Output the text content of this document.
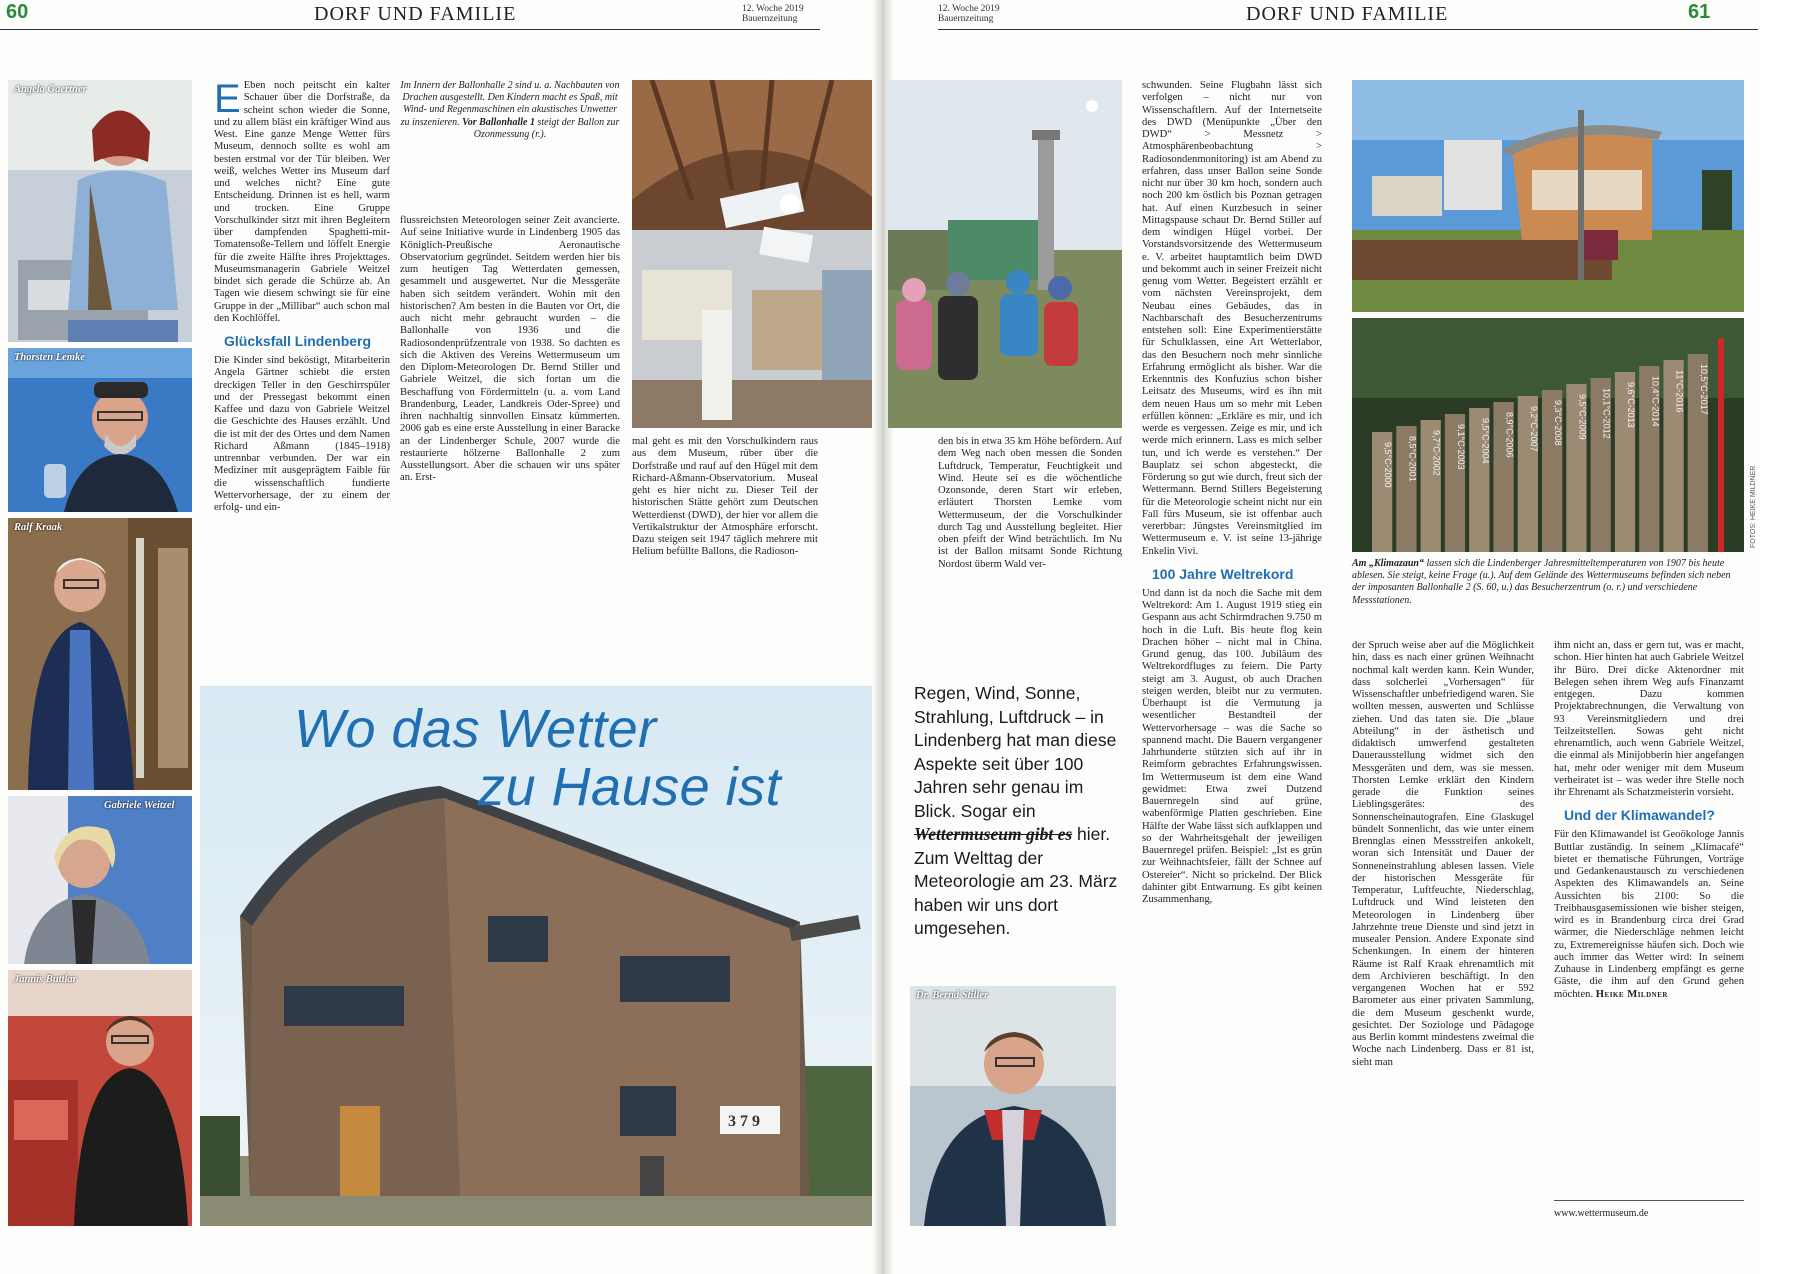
60	DORF UND FAMILIE	12. Woche 2019
Bauernzeitung
Angela Gaertner
Thorsten Lemke
Ralf Kraak
Gabriele Weitzel
Jannis Buttlar

E Eben noch peitscht ein kalter Schauer über die Dorfstraße, da scheint schon wieder die Sonne, und zu allem bläst ein kräftiger Wind aus West. Eine ganze Menge Wetter fürs Museum, dennoch sollte es wohl am besten erstmal vor der Tür bleiben. Wer weiß, welches Wetter ins Museum darf und welches nicht? Eine gute Entscheidung. Drinnen ist es hell, warm und trocken. Eine Gruppe Vorschulkinder sitzt mit ihren Begleitern über dampfenden Spaghetti-mit-Tomatensoße-Tellern und löffelt Energie für die zweite Hälfte ihres Projekttages. Museumsmanagerin Gabriele Weitzel bindet sich gerade die Schürze ab. An Tagen wie diesem schwingt sie für eine Gruppe in der „Millibar“ auch schon mal den Kochlöffel.

Glücksfall Lindenberg

Die Kinder sind beköstigt, Mitarbeiterin Angela Gärtner schiebt die ersten dreckigen Teller in den Geschirrspüler und der Pressegast bekommt einen Kaffee und dazu von Gabriele Weitzel die Geschichte des Hauses erzählt. Und die ist mit der des Ortes und dem Namen Richard Aßmann (1845–1918) untrennbar verbunden. Der war ein Mediziner mit ausgeprägtem Faible für die wissenschaftlich fundierte Wettervorhersage, der zu einem der erfolg- und ein-

Im Innern der Ballonhalle 2 sind u. a. Nachbauten von Drachen ausgestellt. Den Kindern macht es Spaß, mit Wind- und Regenmaschinen ein akustisches Unwetter zu inszenieren. Vor Ballonhalle 1 steigt der Ballon zur Ozonmessung (r.).

flussreichsten Meteorologen seiner Zeit avancierte. Auf seine Initiative wurde in Lindenberg 1905 das Königlich-Preußische Aeronautische Observatorium gegründet. Seitdem werden hier bis zum heutigen Tag Wetterdaten gemessen, gesammelt und ausgewertet. Nur die Messgeräte haben sich seitdem verändert. Wohin mit den historischen? Am besten in die Bauten vor Ort, die auch nicht mehr gebraucht wurden – die Ballonhalle von 1936 und die Radiosondenprüfzentrale von 1938. So dachten es sich die Aktiven des Vereins Wettermuseum um den Diplom-Meteorologen Dr. Bernd Stiller und Gabriele Weitzel, die sich fortan um die Beschaffung von Fördermitteln (u. a. vom Land Brandenburg, Leader, Landkreis Oder-Spree) und ihren nachhaltig sinnvollen Einsatz kümmerten. 2006 gab es eine erste Ausstellung in einer Baracke an der Lindenberger Schule, 2007 wurde die restaurierte hölzerne Ballonhalle 2 zum Ausstellungsort. Aber die schauen wir uns später an. Erst-

mal geht es mit den Vorschulkindern raus aus dem Museum, rüber über die Dorfstraße und rauf auf den Hügel mit dem Richard-Aßmann-Observatorium. Museal geht es hier nicht zu. Dieser Teil der historischen Stätte gehört zum Deutschen Wetterdienst (DWD), der hier vor allem die Vertikalstruktur der Atmosphäre erforscht. Dazu steigen seit 1947 täglich mehrere mit Helium befüllte Ballons, die Radioson-

3 7 9
Wo das Wetter
zu Hause ist
12. Woche 2019
Bauernzeitung	DORF UND FAMILIE	61

den bis in etwa 35 km Höhe befördern. Auf dem Weg nach oben messen die Sonden Luftdruck, Temperatur, Feuchtigkeit und Wind. Heute sei es die wöchentliche Ozonsonde, deren Start wir erleben, erläutert Thorsten Lemke vom Wettermuseum, der die Vorschulkinder durch Tag und Ausstellung begleitet. Hier oben pfeift der Wind beträchtlich. Im Nu ist der Ballon mitsamt Sonde Richtung Nordost überm Wald ver-

Regen, Wind, Sonne, Strahlung, Luftdruck – in Lindenberg hat man diese Aspekte seit über 100 Jahren sehr genau im Blick. Sogar ein Wettermuseum gibt es hier. Zum Welttag der Meteorologie am 23. März haben wir uns dort umgesehen.
Dr. Bernd Stiller

schwunden. Seine Flugbahn lässt sich verfolgen – nicht nur von Wissenschaftlern. Auf der Internetseite des DWD (Menüpunkte „Über den DWD“ > Messnetz > Atmosphärenbeobachtung > Radiosondenmonitoring) ist am Abend zu erfahren, dass unser Ballon seine Sonde nicht nur über 30 km hoch, sondern auch noch 200 km östlich bis Poznan getragen hat. Auf einen Kurzbesuch in seiner Mittagspause schaut Dr. Bernd Stiller auf dem windigen Hügel vorbei. Der Vorstandsvorsitzende des Wettermuseum e. V. arbeitet hauptamtlich beim DWD und bekommt auch in seiner Freizeit nicht genug vom Wetter. Begeistert erzählt er vom nächsten Vereinsprojekt, dem Neubau eines Gebäudes, das in Nachbarschaft des Besucherzentrums entstehen soll: Eine Experimentierstätte für Schulklassen, eine Art Wetterlabor, das den Besuchern noch mehr sinnliche Erfahrung ermöglicht als bisher. War die Erkenntnis des Konfuzius schon bisher Leitsatz des Museums, wird es ihn mit dem neuen Haus um so mehr mit Leben erfüllen können: „Erkläre es mir, und ich werde es vergessen. Zeige es mir, und ich werde mich erinnern. Lass es mich selber tun, und ich werde es verstehen.“ Der Bauplatz sei schon abgesteckt, die Förderung so gut wie durch, freut sich der Wettermann. Bernd Stillers Begeisterung für die Meteorologie scheint nicht nur ein Fall fürs Museum, sie ist offenbar auch vererbbar: Jüngstes Vereinsmitglied im Wettermuseum e. V. ist seine 13-jährige Enkelin Vivi.

100 Jahre Weltrekord

Und dann ist da noch die Sache mit dem Weltrekord: Am 1. August 1919 stieg ein Gespann aus acht Schirmdrachen 9.750 m hoch in die Luft. Bis heute flog kein Drachen höher – nicht mal in China. Grund genug, das 100. Jubiläum des Weltrekordfluges zu feiern. Die Party steigt am 3. August, ob auch Drachen steigen werden, bleibt nur zu vermuten. Überhaupt ist die Vermutung ja wesentlicher Bestandteil der Wettervorhersage – was die Sache so spannend macht. Die Bauern vergangener Jahrhunderte stützten sich auf ihr in Reimform gebrachtes Erfahrungswissen. Im Wettermuseum ist dem eine Wand gewidmet: Etwa zwei Dutzend Bauernregeln sind auf grüne, wabenförmige Platten geschrieben. Eine Hälfte der Wabe lässt sich aufklappen und so der Wahrheitsgehalt der jeweiligen Bauernregel prüfen. Beispiel: „Ist es grün zur Weihnachtsfeier, fällt der Schnee auf Ostereier“. Nicht so prickelnd. Der Blick dahinter gibt Entwarnung. Es gibt keinen Zusammenhang,

9,5°C-2000 8,5°C-2001 9,7°C-2002 9,1°C-2003 9,5°C-2004 8,9°C-2006 9,2°C-2007 9,3°C-2008 9,5°C-2009 10,1°C-2012 9,6°C-2013 10,4°C-2014 11°C-2016 10,5°C-2017
FOTOS: HEIKE MILDNER
Am „Klimazaun“ lassen sich die Lindenberger Jahresmitteltemperaturen von 1907 bis heute ablesen. Sie steigt, keine Frage (u.). Auf dem Gelände des Wettermuseums befinden sich neben der imposanten Ballonhalle 2 (S. 60, u.) das Besucherzentrum (o. r.) und verschiedene Messstationen.

der Spruch weise aber auf die Möglichkeit hin, dass es nach einer grünen Weihnacht nochmal kalt werden kann. Kein Wunder, dass solcherlei „Vorhersagen“ für Wissenschaftler unbefriedigend waren. Sie wollten messen, auswerten und Schlüsse ziehen. Und das taten sie. Die „blaue Abteilung“ in der ästhetisch und didaktisch umwerfend gestalteten Dauerausstellung widmet sich den Messgeräten und dem, was sie messen. Thorsten Lemke erklärt den Kindern gerade die Funktion seines Lieblingsgerätes: des Sonnenscheinautografen. Eine Glaskugel bündelt Sonnenlicht, das wie unter einem Brennglas einen Messstreifen ankokelt, woran sich Intensität und Dauer der Sonneneinstrahlung ablesen lassen. Viele der historischen Messgeräte für Temperatur, Luftfeuchte, Niederschlag, Luftdruck und Wind leisteten den Meteorologen in Lindenberg über Jahrzehnte treue Dienste und sind jetzt in musealer Pension. Andere Exponate sind Schenkungen. In einem der hinteren Räume ist Ralf Kraak ehrenamtlich mit dem Archivieren beschäftigt. In den vergangenen Wochen hat er 592 Barometer aus einer privaten Sammlung, die dem Museum geschenkt wurde, gesichtet. Der Soziologe und Pädagoge aus Berlin kommt mindestens zweimal die Woche nach Lindenberg. Dass er 81 ist, sieht man

ihm nicht an, dass er gern tut, was er macht, schon. Hier hinten hat auch Gabriele Weitzel ihr Büro. Drei dicke Aktenordner mit Belegen sehen ihrem Weg aufs Finanzamt entgegen. Dazu kommen Projektabrechnungen, die Verwaltung von 93 Vereinsmitgliedern und drei Teilzeitstellen. Sowas geht nicht ehrenamtlich, auch wenn Gabriele Weitzel, die einmal als Minijobberin hier angefangen hat, mehr oder weniger mit dem Museum verheiratet ist – was weder ihre Stelle noch ihr Ehrenamt als Schatzmeisterin vorsieht.

Und der Klimawandel?

Für den Klimawandel ist Geoökologe Jannis Buttlar zuständig. In seinem „Klimacafé“ bietet er thematische Führungen, Vorträge und Gedankenaustausch zu verschiedenen Aspekten des Klimawandels an. Seine Aussichten bis 2100: So die Treibhausgasemissionen wie bisher steigen, wird es in Brandenburg circa drei Grad wärmer, die Niederschläge nehmen leicht zu, Extremereignisse häufen sich. Doch wie auch immer das Wetter wird: In seinem Zuhause in Lindenberg empfängt es gerne Gäste, die ihm auf den Grund gehen möchten. Heike Mildner

www.wettermuseum.de
